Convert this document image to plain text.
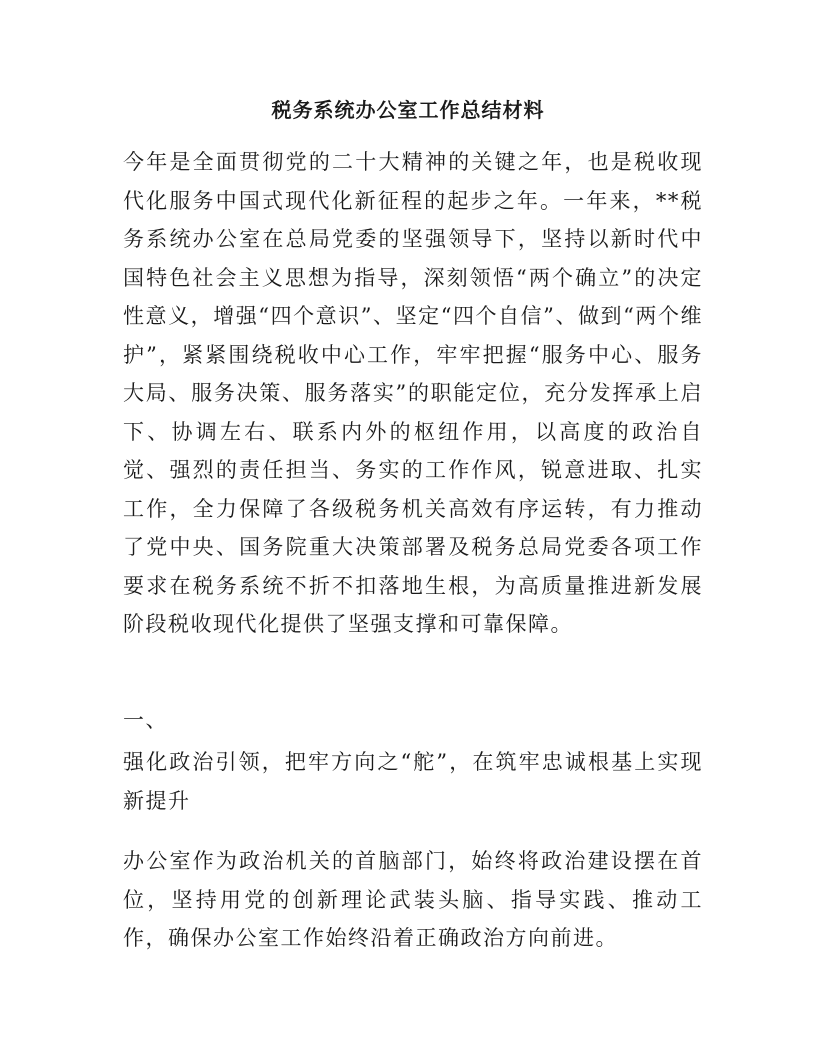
税务系统办公室工作总结材料

今年是全面贯彻党的二十大精神的关键之年，也是税收现代化服务中国式现代化新征程的起步之年。一年来，**税务系统办公室在总局党委的坚强领导下，坚持以新时代中国特色社会主义思想为指导，深刻领悟“两个确立”的决定性意义，增强“四个意识”、坚定“四个自信”、做到“两个维护”，紧紧围绕税收中心工作，牢牢把握“服务中心、服务大局、服务决策、服务落实”的职能定位，充分发挥承上启下、协调左右、联系内外的枢纽作用，以高度的政治自觉、强烈的责任担当、务实的工作作风，锐意进取、扎实工作，全力保障了各级税务机关高效有序运转，有力推动了党中央、国务院重大决策部署及税务总局党委各项工作要求在税务系统不折不扣落地生根，为高质量推进新发展阶段税收现代化提供了坚强支撑和可靠保障。

一、

强化政治引领，把牢方向之“舵”，在筑牢忠诚根基上实现新提升

办公室作为政治机关的首脑部门，始终将政治建设摆在首位，坚持用党的创新理论武装头脑、指导实践、推动工作，确保办公室工作始终沿着正确政治方向前进。
